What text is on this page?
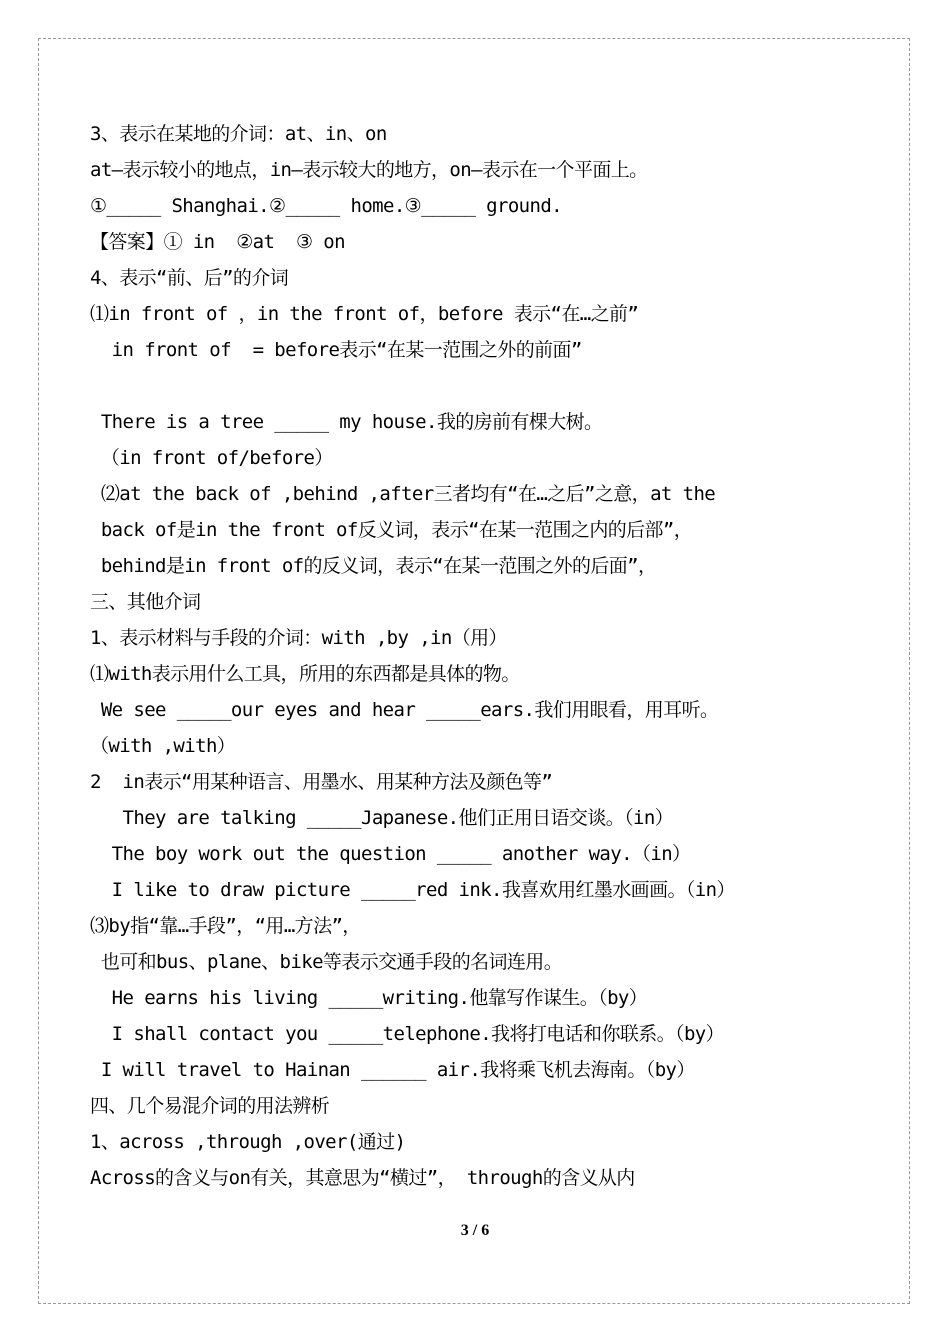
3、表示在某地的介词：at、in、on
at—表示较小的地点，in—表示较大的地方，on—表示在一个平面上。
①_____ Shanghai.②_____ home.③_____ ground.
【答案】① in  ②at  ③ on
4、表示“前、后”的介词
⑴in front of ，in the front of，before 表示“在…之前”
in front of  = before表示“在某一范围之外的前面”
There is a tree _____ my house.我的房前有棵大树。
（in front of/before）
⑵at the back of ,behind ,after三者均有“在…之后”之意，at the
back of是in the front of反义词，表示“在某一范围之内的后部”，
behind是in front of的反义词，表示“在某一范围之外的后面”，
三、其他介词
1、表示材料与手段的介词：with ,by ,in（用）
⑴with表示用什么工具，所用的东西都是具体的物。
We see _____our eyes and hear _____ears.我们用眼看，用耳听。
（with ,with）
2  in表示“用某种语言、用墨水、用某种方法及颜色等”
They are talking _____Japanese.他们正用日语交谈。（in）
The boy work out the question _____ another way.（in）
I like to draw picture _____red ink.我喜欢用红墨水画画。（in）
⑶by指“靠…手段”，“用…方法”，
也可和bus、plane、bike等表示交通手段的名词连用。
He earns his living _____writing.他靠写作谋生。（by）
I shall contact you _____telephone.我将打电话和你联系。（by）
I will travel to Hainan ______ air.我将乘飞机去海南。（by）
四、几个易混介词的用法辨析
1、across ,through ,over(通过)
Across的含义与on有关，其意思为“横过”， through的含义从内
3 / 6
